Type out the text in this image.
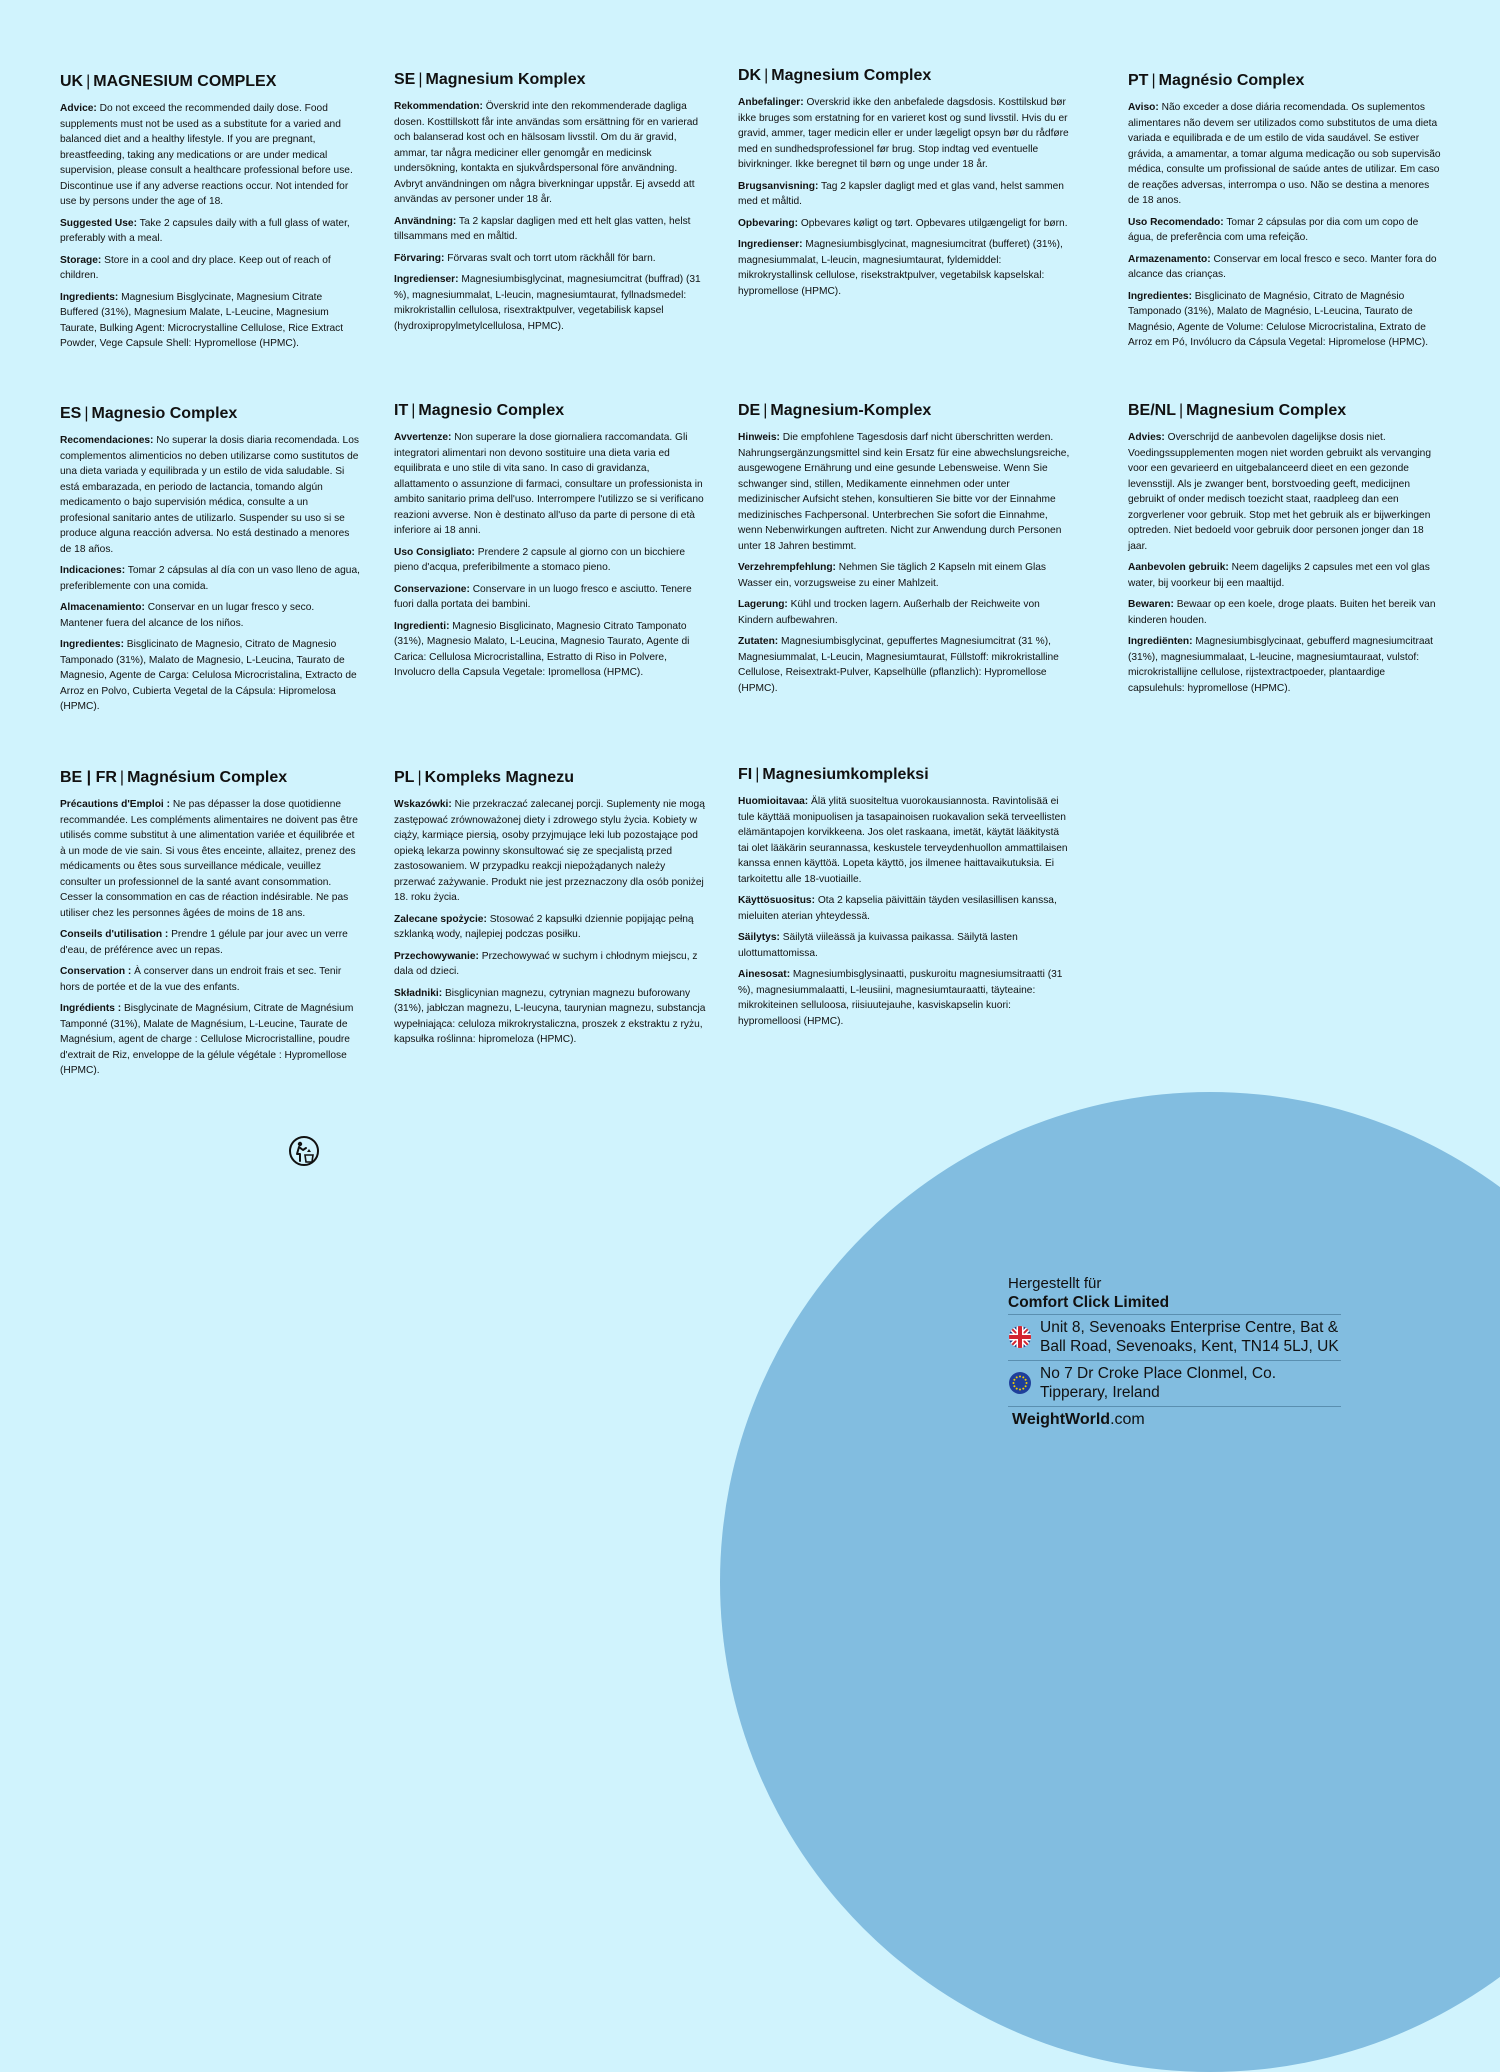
UK | MAGNESIUM COMPLEX

Advice: Do not exceed the recommended daily dose. Food supplements must not be used as a substitute for a varied and balanced diet and a healthy lifestyle. If you are pregnant, breastfeeding, taking any medications or are under medical supervision, please consult a healthcare professional before use. Discontinue use if any adverse reactions occur. Not intended for use by persons under the age of 18.

Suggested Use: Take 2 capsules daily with a full glass of water, preferably with a meal.

Storage: Store in a cool and dry place. Keep out of reach of children.

Ingredients: Magnesium Bisglycinate, Magnesium Citrate Buffered (31%), Magnesium Malate, L-Leucine, Magnesium Taurate, Bulking Agent: Microcrystalline Cellulose, Rice Extract Powder, Vege Capsule Shell: Hypromellose (HPMC).

SE | Magnesium Komplex

Rekommendation: Överskrid inte den rekommenderade dagliga dosen. Kosttillskott får inte användas som ersättning för en varierad och balanserad kost och en hälsosam livsstil. Om du är gravid, ammar, tar några mediciner eller genomgår en medicinsk undersökning, kontakta en sjukvårdspersonal före användning. Avbryt användningen om några biverkningar uppstår. Ej avsedd att användas av personer under 18 år.

Användning: Ta 2 kapslar dagligen med ett helt glas vatten, helst tillsammans med en måltid.

Förvaring: Förvaras svalt och torrt utom räckhåll för barn.

Ingredienser: Magnesiumbisglycinat, magnesiumcitrat (buffrad) (31 %), magnesiummalat, L-leucin, magnesiumtaurat, fyllnadsmedel: mikrokristallin cellulosa, risextraktpulver, vegetabilisk kapsel (hydroxipropylmetylcellulosa, HPMC).

DK | Magnesium Complex

Anbefalinger: Overskrid ikke den anbefalede dagsdosis. Kosttilskud bør ikke bruges som erstatning for en varieret kost og sund livsstil. Hvis du er gravid, ammer, tager medicin eller er under lægeligt opsyn bør du rådføre med en sundhedsprofessionel før brug. Stop indtag ved eventuelle bivirkninger. Ikke beregnet til børn og unge under 18 år.

Brugsanvisning: Tag 2 kapsler dagligt med et glas vand, helst sammen med et måltid.

Opbevaring: Opbevares køligt og tørt. Opbevares utilgængeligt for børn.

Ingredienser: Magnesiumbisglycinat, magnesiumcitrat (bufferet) (31%), magnesiummalat, L-leucin, magnesiumtaurat, fyldemiddel: mikrokrystallinsk cellulose, risekstraktpulver, vegetabilsk kapselskal: hypromellose (HPMC).

PT | Magnésio Complex

Aviso: Não exceder a dose diária recomendada. Os suplementos alimentares não devem ser utilizados como substitutos de uma dieta variada e equilibrada e de um estilo de vida saudável. Se estiver grávida, a amamentar, a tomar alguma medicação ou sob supervisão médica, consulte um profissional de saúde antes de utilizar. Em caso de reações adversas, interrompa o uso. Não se destina a menores de 18 anos.

Uso Recomendado: Tomar 2 cápsulas por dia com um copo de água, de preferência com uma refeição.

Armazenamento: Conservar em local fresco e seco. Manter fora do alcance das crianças.

Ingredientes: Bisglicinato de Magnésio, Citrato de Magnésio Tamponado (31%), Malato de Magnésio, L-Leucina, Taurato de Magnésio, Agente de Volume: Celulose Microcristalina, Extrato de Arroz em Pó, Invólucro da Cápsula Vegetal: Hipromelose (HPMC).

ES | Magnesio Complex

Recomendaciones: No superar la dosis diaria recomendada. Los complementos alimenticios no deben utilizarse como sustitutos de una dieta variada y equilibrada y un estilo de vida saludable. Si está embarazada, en periodo de lactancia, tomando algún medicamento o bajo supervisión médica, consulte a un profesional sanitario antes de utilizarlo. Suspender su uso si se produce alguna reacción adversa. No está destinado a menores de 18 años.

Indicaciones: Tomar 2 cápsulas al día con un vaso lleno de agua, preferiblemente con una comida.

Almacenamiento: Conservar en un lugar fresco y seco. Mantener fuera del alcance de los niños.

Ingredientes: Bisglicinato de Magnesio, Citrato de Magnesio Tamponado (31%), Malato de Magnesio, L-Leucina, Taurato de Magnesio, Agente de Carga: Celulosa Microcristalina, Extracto de Arroz en Polvo, Cubierta Vegetal de la Cápsula: Hipromelosa (HPMC).

IT | Magnesio Complex

Avvertenze: Non superare la dose giornaliera raccomandata. Gli integratori alimentari non devono sostituire una dieta varia ed equilibrata e uno stile di vita sano. In caso di gravidanza, allattamento o assunzione di farmaci, consultare un professionista in ambito sanitario prima dell'uso. Interrompere l'utilizzo se si verificano reazioni avverse. Non è destinato all'uso da parte di persone di età inferiore ai 18 anni.

Uso Consigliato: Prendere 2 capsule al giorno con un bicchiere pieno d'acqua, preferibilmente a stomaco pieno.

Conservazione: Conservare in un luogo fresco e asciutto. Tenere fuori dalla portata dei bambini.

Ingredienti: Magnesio Bisglicinato, Magnesio Citrato Tamponato (31%), Magnesio Malato, L-Leucina, Magnesio Taurato, Agente di Carica: Cellulosa Microcristallina, Estratto di Riso in Polvere, Involucro della Capsula Vegetale: Ipromellosa (HPMC).

DE | Magnesium-Komplex

Hinweis: Die empfohlene Tagesdosis darf nicht überschritten werden. Nahrungsergänzungsmittel sind kein Ersatz für eine abwechslungsreiche, ausgewogene Ernährung und eine gesunde Lebensweise. Wenn Sie schwanger sind, stillen, Medikamente einnehmen oder unter medizinischer Aufsicht stehen, konsultieren Sie bitte vor der Einnahme medizinisches Fachpersonal. Unterbrechen Sie sofort die Einnahme, wenn Nebenwirkungen auftreten. Nicht zur Anwendung durch Personen unter 18 Jahren bestimmt.

Verzehrempfehlung: Nehmen Sie täglich 2 Kapseln mit einem Glas Wasser ein, vorzugsweise zu einer Mahlzeit.

Lagerung: Kühl und trocken lagern. Außerhalb der Reichweite von Kindern aufbewahren.

Zutaten: Magnesiumbisglycinat, gepuffertes Magnesiumcitrat (31 %), Magnesiummalat, L-Leucin, Magnesiumtaurat, Füllstoff: mikrokristalline Cellulose, Reisextrakt-Pulver, Kapselhülle (pflanzlich): Hypromellose (HPMC).

BE/NL | Magnesium Complex

Advies: Overschrijd de aanbevolen dagelijkse dosis niet. Voedingssupplementen mogen niet worden gebruikt als vervanging voor een gevarieerd en uitgebalanceerd dieet en een gezonde levensstijl. Als je zwanger bent, borstvoeding geeft, medicijnen gebruikt of onder medisch toezicht staat, raadpleeg dan een zorgverlener voor gebruik. Stop met het gebruik als er bijwerkingen optreden. Niet bedoeld voor gebruik door personen jonger dan 18 jaar.

Aanbevolen gebruik: Neem dagelijks 2 capsules met een vol glas water, bij voorkeur bij een maaltijd.

Bewaren: Bewaar op een koele, droge plaats. Buiten het bereik van kinderen houden.

Ingrediënten: Magnesiumbisglycinaat, gebufferd magnesiumcitraat (31%), magnesiummalaat, L-leucine, magnesiumtauraat, vulstof: microkristallijne cellulose, rijstextractpoeder, plantaardige capsulehuls: hypromellose (HPMC).

BE | FR | Magnésium Complex

Précautions d'Emploi : Ne pas dépasser la dose quotidienne recommandée. Les compléments alimentaires ne doivent pas être utilisés comme substitut à une alimentation variée et équilibrée et à un mode de vie sain. Si vous êtes enceinte, allaitez, prenez des médicaments ou êtes sous surveillance médicale, veuillez consulter un professionnel de la santé avant consommation. Cesser la consommation en cas de réaction indésirable. Ne pas utiliser chez les personnes âgées de moins de 18 ans.

Conseils d'utilisation : Prendre 1 gélule par jour avec un verre d'eau, de préférence avec un repas.

Conservation : À conserver dans un endroit frais et sec. Tenir hors de portée et de la vue des enfants.

Ingrédients : Bisglycinate de Magnésium, Citrate de Magnésium Tamponné (31%), Malate de Magnésium, L-Leucine, Taurate de Magnésium, agent de charge : Cellulose Microcristalline, poudre d'extrait de Riz, enveloppe de la gélule végétale : Hypromellose (HPMC).

PL | Kompleks Magnezu

Wskazówki: Nie przekraczać zalecanej porcji. Suplementy nie mogą zastępować zrównoważonej diety i zdrowego stylu życia. Kobiety w ciąży, karmiące piersią, osoby przyjmujące leki lub pozostające pod opieką lekarza powinny skonsultować się ze specjalistą przed zastosowaniem. W przypadku reakcji niepożądanych należy przerwać zażywanie. Produkt nie jest przeznaczony dla osób poniżej 18. roku życia.

Zalecane spożycie: Stosować 2 kapsułki dziennie popijając pełną szklanką wody, najlepiej podczas posiłku.

Przechowywanie: Przechowywać w suchym i chłodnym miejscu, z dala od dzieci.

Składniki: Bisglicynian magnezu, cytrynian magnezu buforowany (31%), jabłczan magnezu, L-leucyna, taurynian magnezu, substancja wypełniająca: celuloza mikrokrystaliczna, proszek z ekstraktu z ryżu, kapsułka roślinna: hipromeloza (HPMC).

FI | Magnesiumkompleksi

Huomioitavaa: Älä ylitä suositeltua vuorokausiannosta. Ravintolisää ei tule käyttää monipuolisen ja tasapainoisen ruokavalion sekä terveellisten elämäntapojen korvikkeena. Jos olet raskaana, imetät, käytät lääkitystä tai olet lääkärin seurannassa, keskustele terveydenhuollon ammattilaisen kanssa ennen käyttöä. Lopeta käyttö, jos ilmenee haittavaikutuksia. Ei tarkoitettu alle 18-vuotiaille.

Käyttösuositus: Ota 2 kapselia päivittäin täyden vesilasillisen kanssa, mieluiten aterian yhteydessä.

Säilytys: Säilytä viileässä ja kuivassa paikassa. Säilytä lasten ulottumattomissa.

Ainesosat: Magnesiumbisglysinaatti, puskuroitu magnesiumsitraatti (31 %), magnesiummalaatti, L-leusiini, magnesiumtauraatti, täyteaine: mikrokiteinen selluloosa, riisiuutejauhe, kasviskapselin kuori: hypromelloosi (HPMC).

Hergestellt für
Comfort Click Limited
Unit 8, Sevenoaks Enterprise Centre, Bat & Ball Road, Sevenoaks, Kent, TN14 5LJ, UK
No 7 Dr Croke Place Clonmel, Co. Tipperary, Ireland
WeightWorld.com
